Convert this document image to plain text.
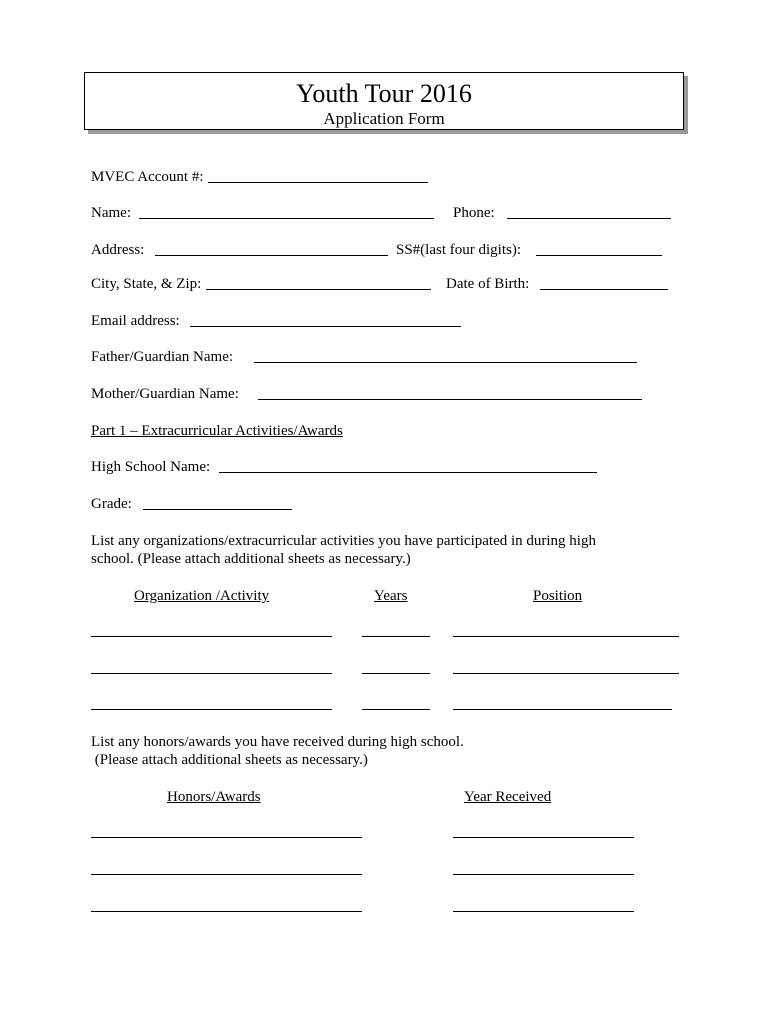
Youth Tour 2016
Application Form
MVEC Account #:
Name:	Phone:
Address:	SS#(last four digits):
City, State, & Zip:	Date of Birth:
Email address:
Father/Guardian Name:
Mother/Guardian Name:
Part 1 – Extracurricular Activities/Awards
High School Name:
Grade:
List any organizations/extracurricular activities you have participated in during high
school. (Please attach additional sheets as necessary.)
Organization /Activity	Years	Position
List any honors/awards you have received during high school.
(Please attach additional sheets as necessary.)
Honors/Awards	Year Received
